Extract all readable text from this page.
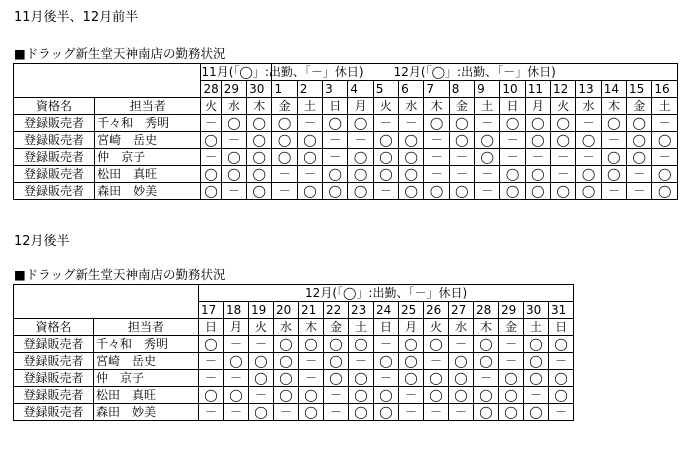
11月後半、12月前半
■ドラッグ新生堂天神南店の勤務状況
		11月(「◯」:出勤、「－」休日)			12月(「◯」:出勤、「－」休日)															
		28	29	30	1	2	3	4	5	6	7	8	9	10	11	12	13	14	15	16
資格名	担当者	火	水	木	金	土	日	月	火	水	木	金	土	日	月	火	水	木	金	土
登録販売者	千々和　秀明	－	◯	◯	◯	－	◯	◯	－	－	◯	◯	－	◯	◯	◯	－	◯	◯	－
登録販売者	宮崎　岳史	◯	－	◯	◯	◯	－	－	◯	◯	－	◯	◯	－	◯	◯	◯	－	◯	◯
登録販売者	仲　京子	－	◯	◯	◯	◯	－	◯	◯	◯	－	－	◯	－	－	－	－	◯	◯	－
登録販売者	松田　真旺	◯	◯	◯	－	－	◯	◯	◯	◯	－	－	－	◯	◯	－	◯	◯	－	◯
登録販売者	森田　妙美	◯	－	◯	－	◯	◯	◯	－	◯	◯	◯	－	◯	◯	◯	◯	－	－	◯
12月後半
■ドラッグ新生堂天神南店の勤務状況
		12月(「◯」:出勤、「－」休日)														
		17	18	19	20	21	22	23	24	25	26	27	28	29	30	31
資格名	担当者	日	月	火	水	木	金	土	日	月	火	水	木	金	土	日
登録販売者	千々和　秀明	◯	－	－	◯	◯	◯	◯	－	◯	◯	－	◯	－	◯	◯
登録販売者	宮崎　岳史	－	◯	◯	◯	－	◯	－	◯	◯	－	◯	◯	－	◯	－
登録販売者	仲　京子	－	－	◯	◯	－	◯	◯	－	◯	◯	◯	－	◯	◯	◯
登録販売者	松田　真旺	◯	◯	－	◯	◯	－	◯	◯	－	◯	◯	◯	◯	－	◯
登録販売者	森田　妙美	－	－	◯	－	◯	－	◯	◯	－	－	－	◯	◯	◯	－
